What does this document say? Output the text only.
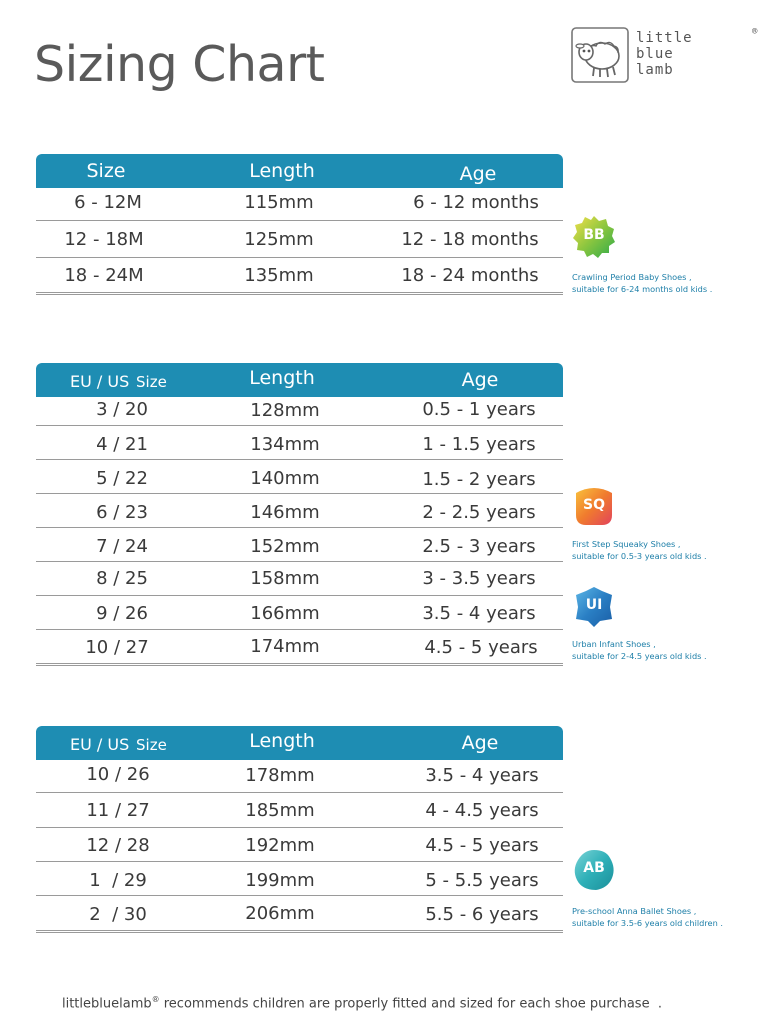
Sizing Chart
®
little
blue
lamb
Size	Length	Age
6 - 12M	115mm	6 - 12 months
12 - 18M	125mm	12 - 18 months
18 - 24M	135mm	18 - 24 months
EU / US Size	Length	Age
3 / 20	128mm	0.5 - 1 years
4 / 21	134mm	1 - 1.5 years
5 / 22	140mm	1.5 - 2 years
6 / 23	146mm	2 - 2.5 years
7 / 24	152mm	2.5 - 3 years
8 / 25	158mm	3 - 3.5 years
9 / 26	166mm	3.5 - 4 years
10 / 27	174mm	4.5 - 5 years
EU / US Size	Length	Age
10 / 26	178mm	3.5 - 4 years
11 / 27	185mm	4 - 4.5 years
12 / 28	192mm	4.5 - 5 years
1  / 29	199mm	5 - 5.5 years
2  / 30	206mm	5.5 - 6 years
BB
Crawling Period Baby Shoes ,
suitable for 6-24 months old kids .
SQ
First Step Squeaky Shoes ,
suitable for 0.5-3 years old kids .
UI
Urban Infant Shoes ,
suitable for 2-4.5 years old kids .
AB
Pre-school Anna Ballet Shoes ,
suitable for 3.5-6 years old children .
littlebluelamb® recommends children are properly fitted and sized for each shoe purchase .
